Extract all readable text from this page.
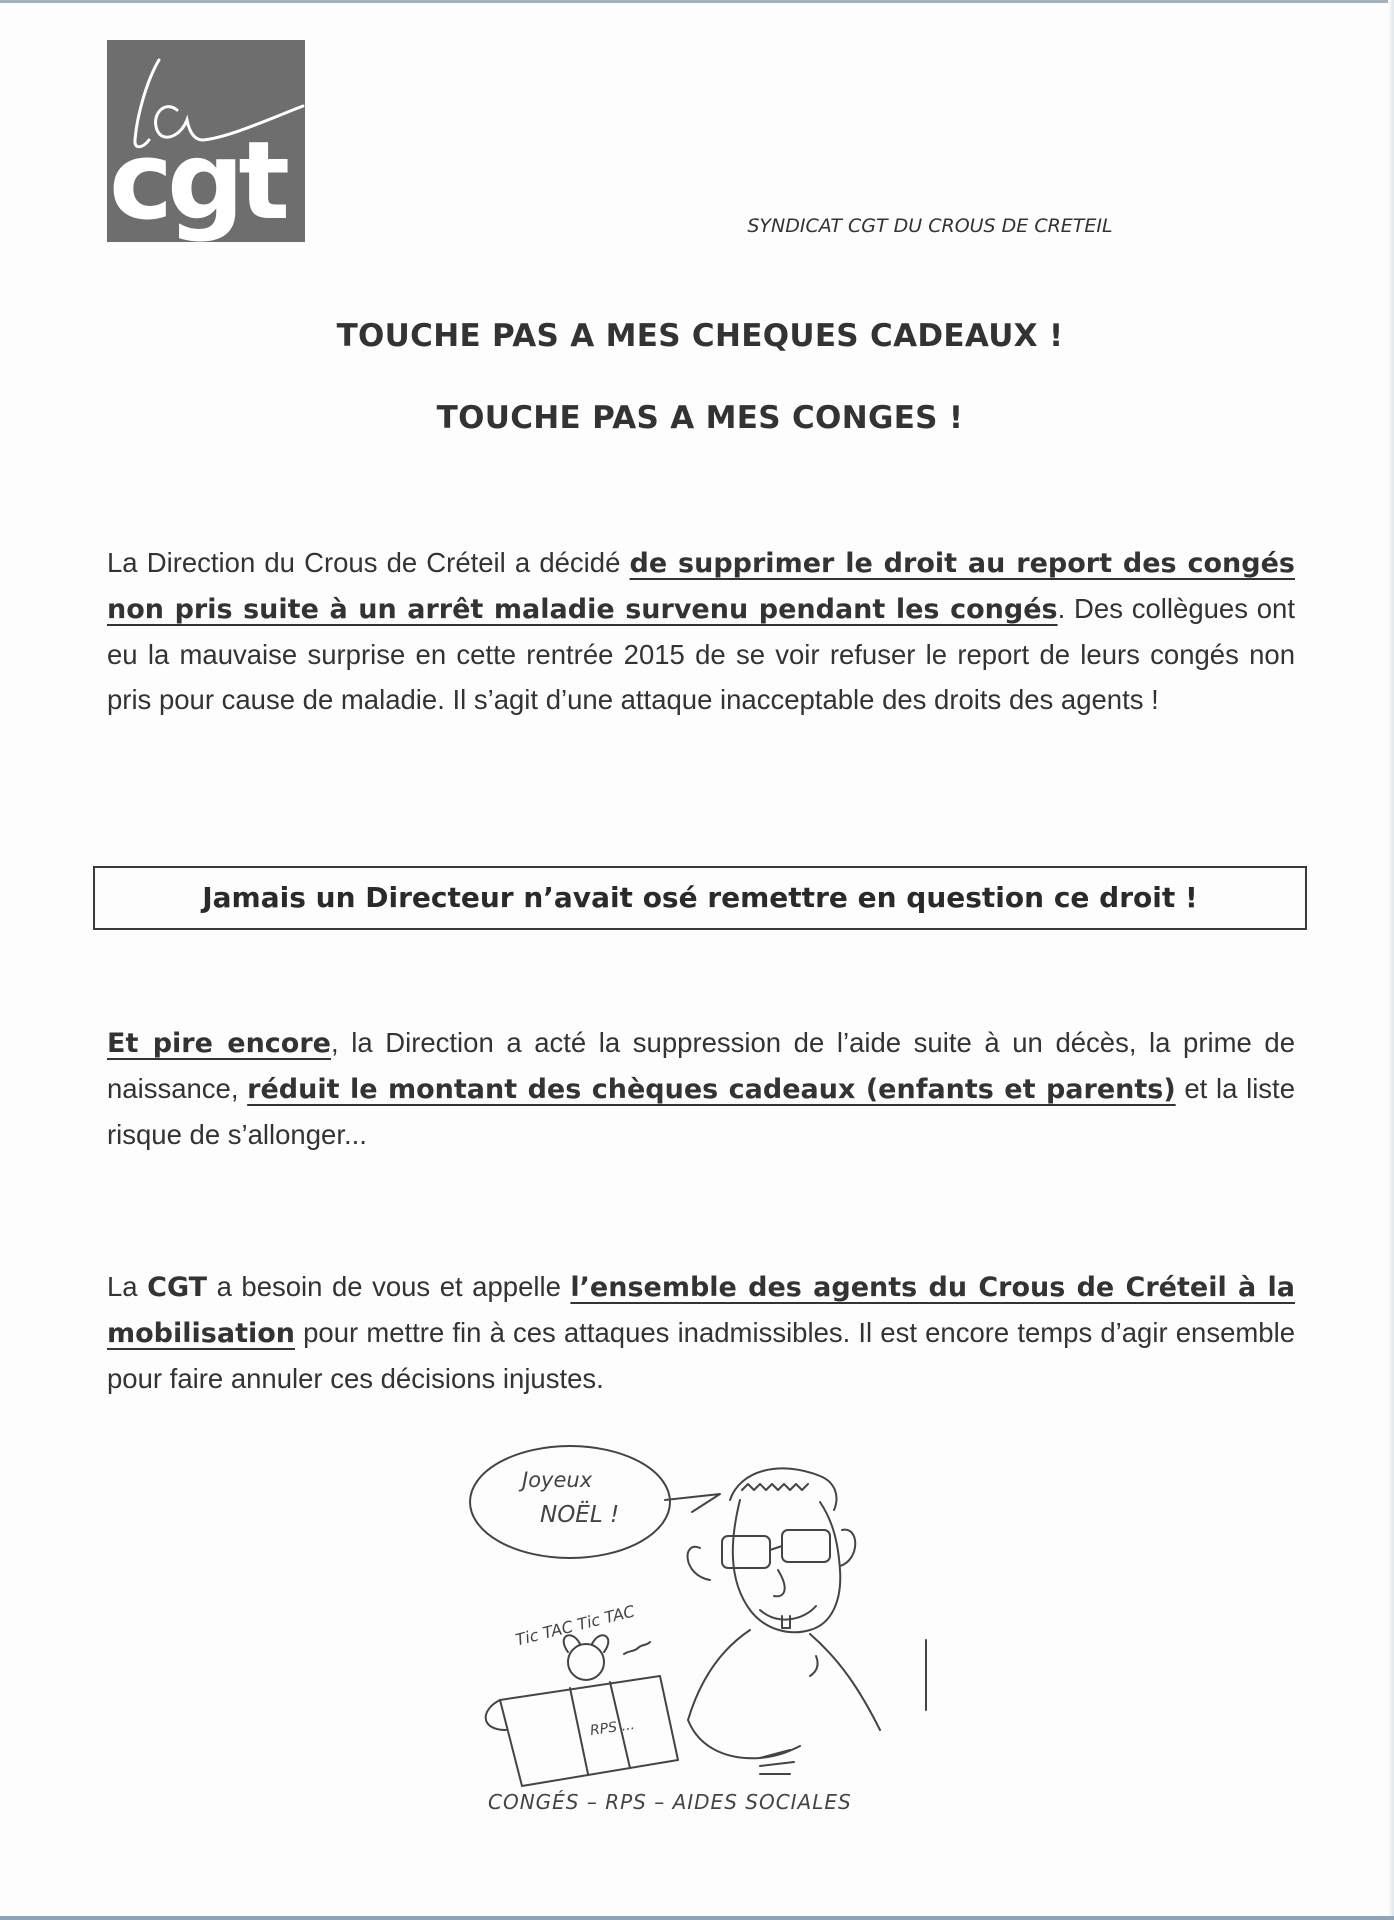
cgt	SYNDICAT CGT DU CROUS DE CRETEIL
TOUCHE PAS A MES CHEQUES CADEAUX !
TOUCHE PAS A MES CONGES !
La Direction du Crous de Créteil a décidé de supprimer le droit au report des congés non pris suite à un arrêt maladie survenu pendant les congés. Des collègues ont eu la mauvaise surprise en cette rentrée 2015 de se voir refuser le report de leurs congés non pris pour cause de maladie. Il s’agit d’une attaque inacceptable des droits des agents !
Jamais un Directeur n’avait osé remettre en question ce droit !
Et pire encore, la Direction a acté la suppression de l’aide suite à un décès, la prime de naissance, réduit le montant des chèques cadeaux (enfants et parents) et la liste risque de s’allonger...
La CGT a besoin de vous et appelle l’ensemble des agents du Crous de Créteil à la mobilisation pour mettre fin à ces attaques inadmissibles. Il est encore temps d’agir ensemble pour faire annuler ces décisions injustes.
Joyeux
NOËL !
Tic TAC Tic TAC
RPS ...
CONGÉS – RPS – AIDES SOCIALES
